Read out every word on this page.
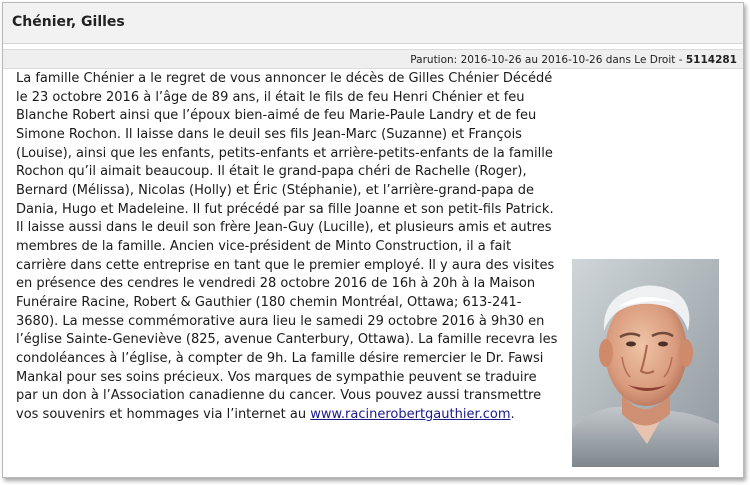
Chénier, Gilles
Parution: 2016-10-26 au 2016-10-26 dans Le Droit - 5114281

La famille Chénier a le regret de vous annoncer le décès de Gilles Chénier Décédé le 23 octobre 2016 à l’âge de 89 ans, il était le fils de feu Henri Chénier et feu Blanche Robert ainsi que l’époux bien-aimé de feu Marie-Paule Landry et de feu Simone Rochon. Il laisse dans le deuil ses fils Jean-Marc (Suzanne) et François (Louise), ainsi que les enfants, petits-enfants et arrière-petits-enfants de la famille Rochon qu’il aimait beaucoup. Il était le grand-papa chéri de Rachelle (Roger), Bernard (Mélissa), Nicolas (Holly) et Éric (Stéphanie), et l’arrière-grand-papa de Dania, Hugo et Madeleine. Il fut précédé par sa fille Joanne et son petit-fils Patrick. Il laisse aussi dans le deuil son frère Jean-Guy (Lucille), et plusieurs amis et autres membres de la famille. Ancien vice-président de Minto Construction, il a fait carrière dans cette entreprise en tant que le premier employé. Il y aura des visites en présence des cendres le vendredi 28 octobre 2016 de 16h à 20h à la Maison Funéraire Racine, Robert & Gauthier (180 chemin Montréal, Ottawa; 613-241-3680). La messe commémorative aura lieu le samedi 29 octobre 2016 à 9h30 en l’église Sainte-Geneviève (825, avenue Canterbury, Ottawa). La famille recevra les condoléances à l’église, à compter de 9h. La famille désire remercier le Dr. Fawsi Mankal pour ses soins précieux. Vos marques de sympathie peuvent se traduire par un don à l’Association canadienne du cancer. Vous pouvez aussi transmettre vos souvenirs et hommages via l’internet au www.racinerobertgauthier.com.
